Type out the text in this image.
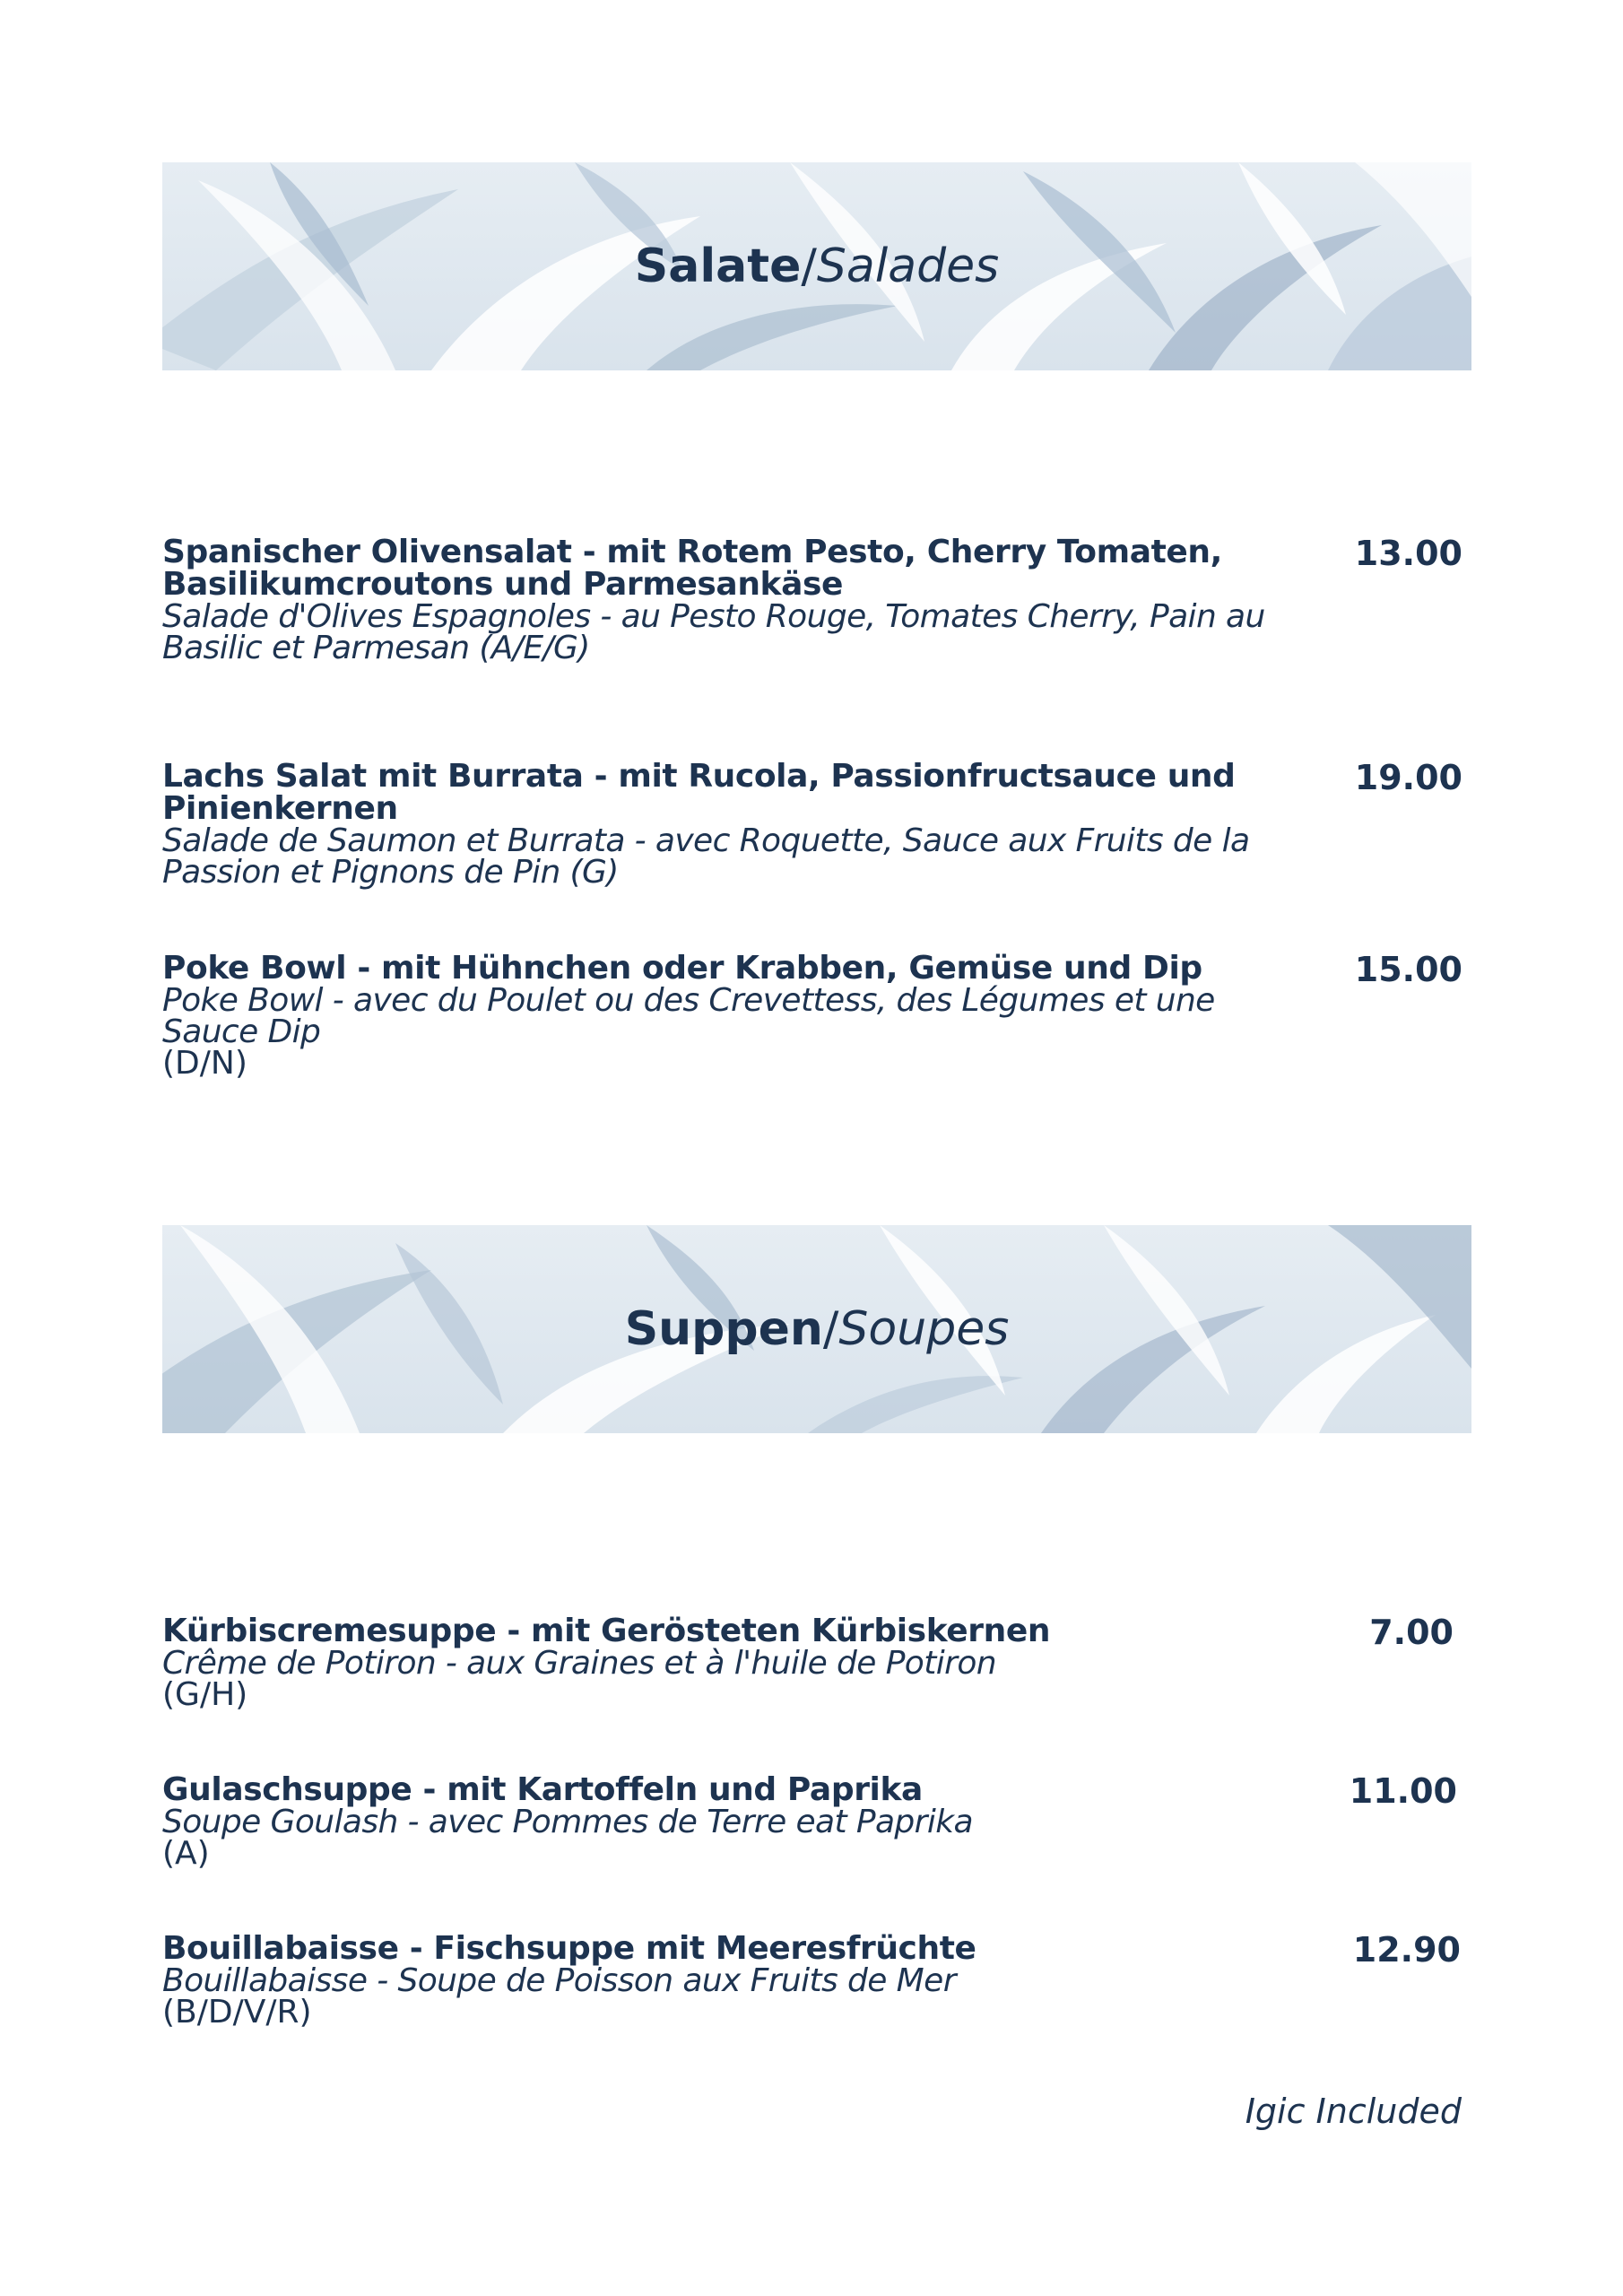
Salate / Salades
Spanischer Olivensalat - mit Rotem Pesto, Cherry Tomaten, Basilikumcroutons und Parmesankäse
Salade d'Olives Espagnoles - au Pesto Rouge, Tomates Cherry, Pain au Basilic et Parmesan (A/E/G)
13.00
Lachs Salat mit Burrata - mit Rucola, Passionfructsauce und Pinienkernen
Salade de Saumon et Burrata - avec Roquette, Sauce aux Fruits de la Passion et Pignons de Pin (G)
19.00
Poke Bowl - mit Hühnchen oder Krabben, Gemüse und Dip
Poke Bowl - avec du Poulet ou des Crevettess, des Légumes et une Sauce Dip
(D/N)
15.00
Suppen / Soupes
Kürbiscremesuppe - mit Gerösteten Kürbiskernen
Crême de Potiron - aux Graines et à l'huile de Potiron
(G/H)
7.00
Gulaschsuppe - mit Kartoffeln und Paprika
Soupe Goulash - avec Pommes de Terre eat Paprika
(A)
11.00
Bouillabaisse - Fischsuppe mit Meeresfrüchte
Bouillabaisse - Soupe de Poisson aux Fruits de Mer
(B/D/V/R)
12.90
Igic Included
